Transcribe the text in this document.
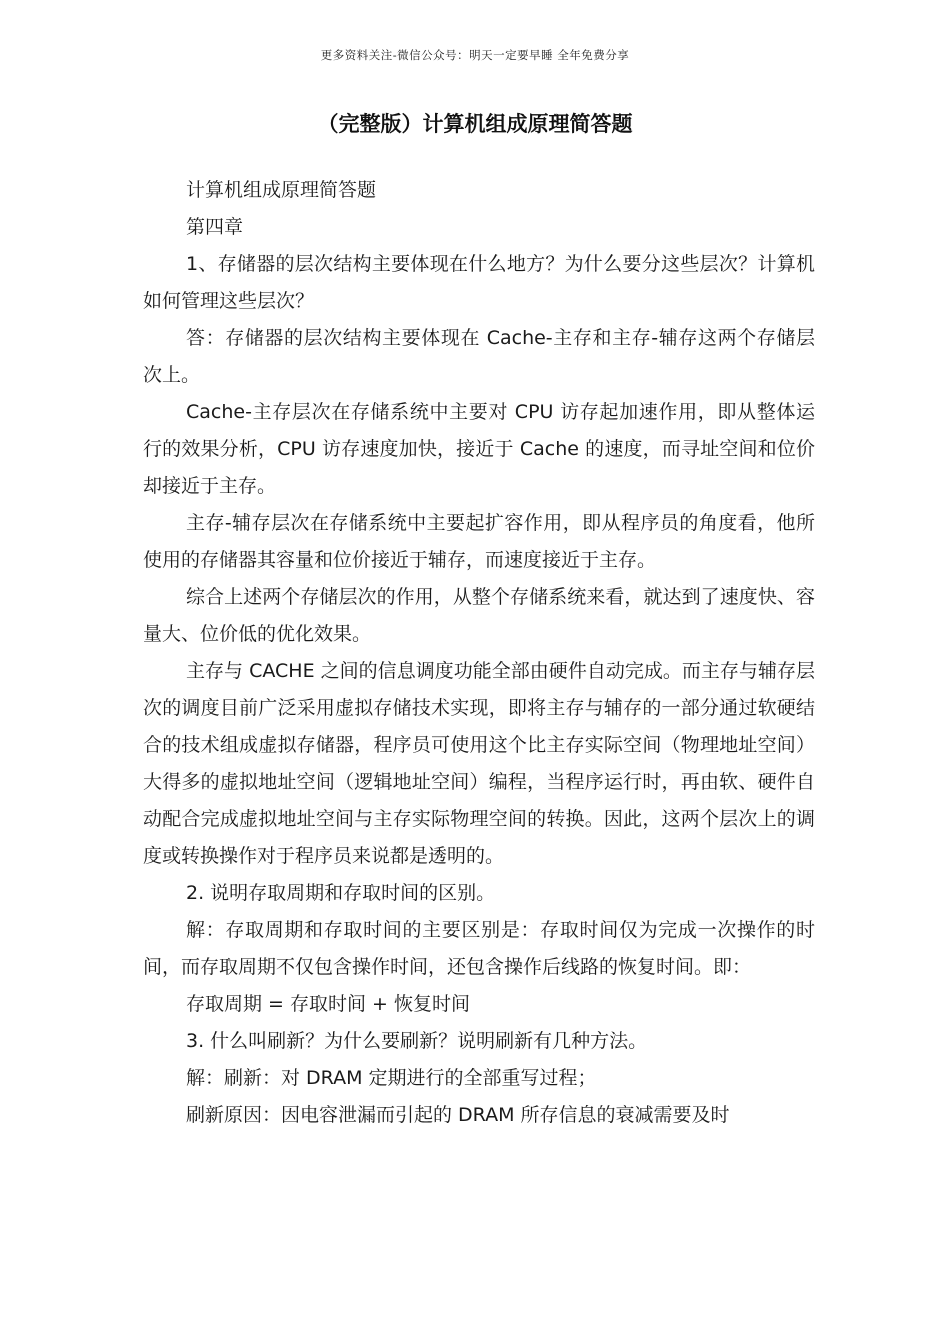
更多资料关注-微信公众号：明天一定要早睡 全年免费分享
（完整版）计算机组成原理简答题

计算机组成原理简答题

第四章

1、存储器的层次结构主要体现在什么地方？为什么要分这些层次？计算机如何管理这些层次？

答：存储器的层次结构主要体现在 Cache-主存和主存-辅存这两个存储层次上。

Cache-主存层次在存储系统中主要对 CPU 访存起加速作用，即从整体运行的效果分析，CPU 访存速度加快，接近于 Cache 的速度，而寻址空间和位价却接近于主存。

主存-辅存层次在存储系统中主要起扩容作用，即从程序员的角度看，他所使用的存储器其容量和位价接近于辅存，而速度接近于主存。

综合上述两个存储层次的作用，从整个存储系统来看，就达到了速度快、容量大、位价低的优化效果。

主存与 CACHE 之间的信息调度功能全部由硬件自动完成。而主存与辅存层次的调度目前广泛采用虚拟存储技术实现，即将主存与辅存的一部分通过软硬结合的技术组成虚拟存储器，程序员可使用这个比主存实际空间（物理地址空间）大得多的虚拟地址空间（逻辑地址空间）编程，当程序运行时，再由软、硬件自动配合完成虚拟地址空间与主存实际物理空间的转换。因此，这两个层次上的调度或转换操作对于程序员来说都是透明的。

2. 说明存取周期和存取时间的区别。

解：存取周期和存取时间的主要区别是：存取时间仅为完成一次操作的时间，而存取周期不仅包含操作时间，还包含操作后线路的恢复时间。即：

存取周期 = 存取时间 + 恢复时间

3. 什么叫刷新？为什么要刷新？说明刷新有几种方法。

解：刷新：对 DRAM 定期进行的全部重写过程；

刷新原因：因电容泄漏而引起的 DRAM 所存信息的衰减需要及时
